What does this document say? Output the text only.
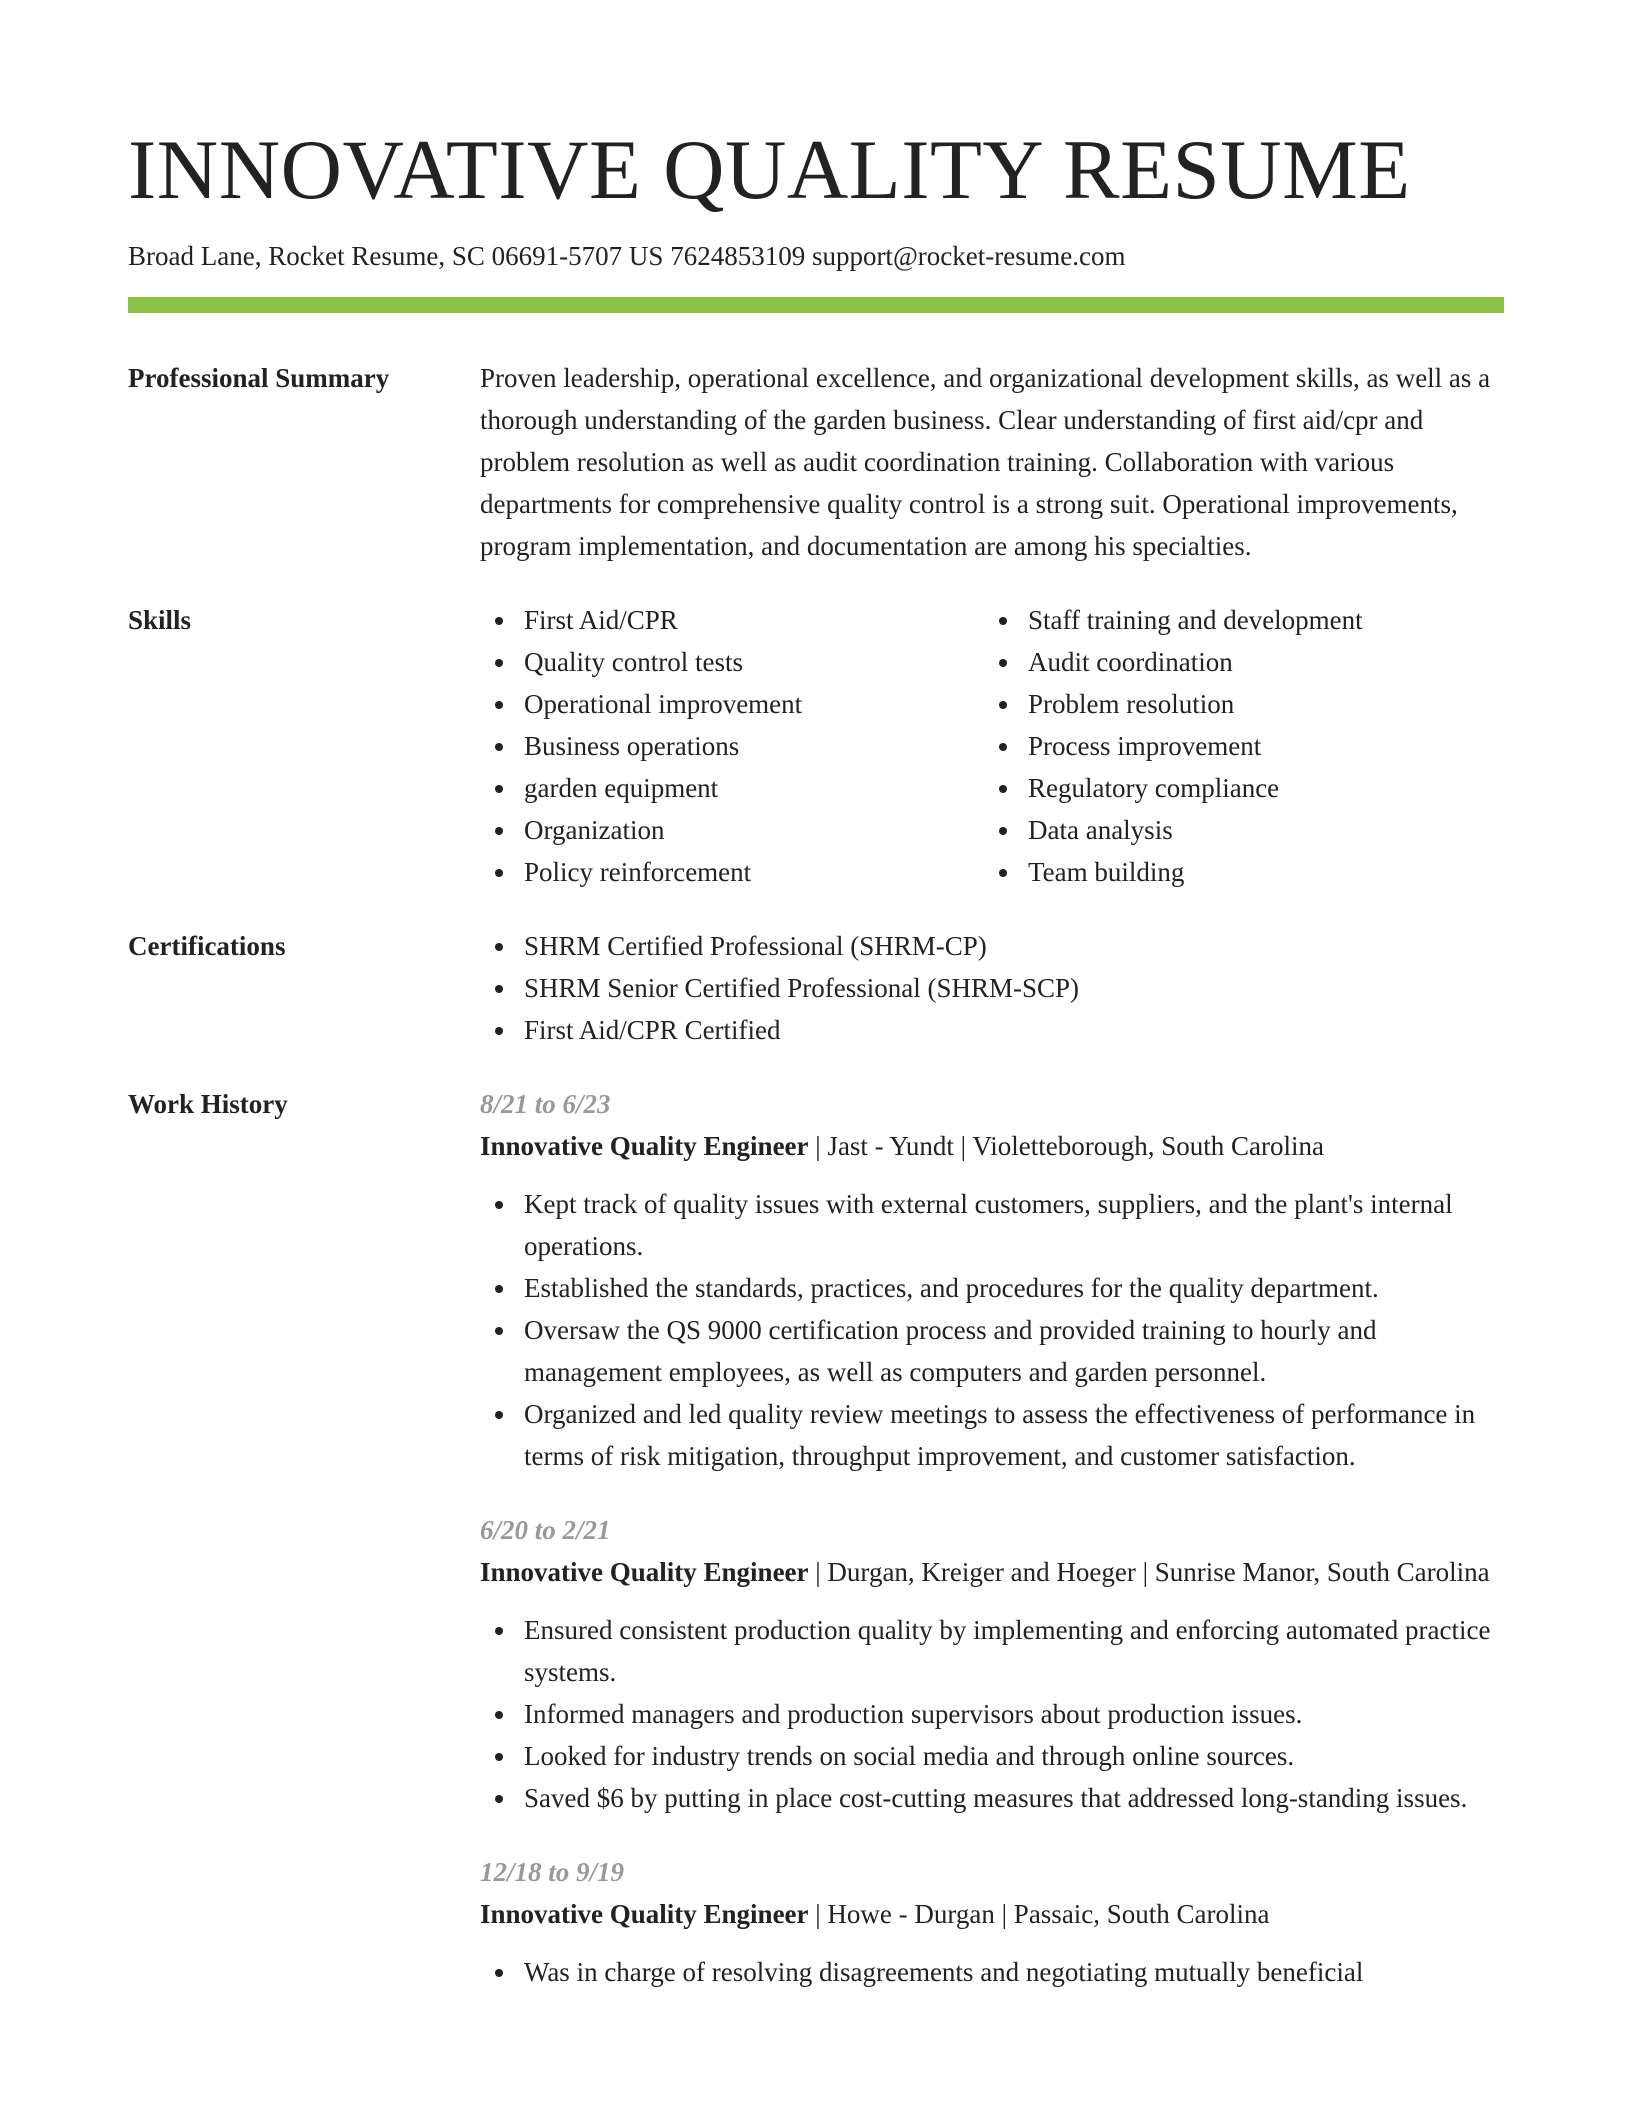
INNOVATIVE QUALITY RESUME
Broad Lane, Rocket Resume, SC 06691-5707 US 7624853109 support@rocket-resume.com
Professional Summary	Proven leadership, operational excellence, and organizational development skills, as well as a thorough understanding of the garden business. Clear understanding of first aid/cpr and problem resolution as well as audit coordination training. Collaboration with various departments for comprehensive quality control is a strong suit. Operational improvements, program implementation, and documentation are among his specialties.
Skills	First Aid/CPR
Quality control tests
Operational improvement
Business operations
garden equipment
Organization
Policy reinforcement
Staff training and development
Audit coordination
Problem resolution
Process improvement
Regulatory compliance
Data analysis
Team building
Certifications	SHRM Certified Professional (SHRM-CP)
SHRM Senior Certified Professional (SHRM-SCP)
First Aid/CPR Certified
Work History	8/21 to 6/23
Innovative Quality Engineer | Jast - Yundt | Violetteborough, South Carolina
Kept track of quality issues with external customers, suppliers, and the plant's internal operations.
Established the standards, practices, and procedures for the quality department.
Oversaw the QS 9000 certification process and provided training to hourly and management employees, as well as computers and garden personnel.
Organized and led quality review meetings to assess the effectiveness of performance in terms of risk mitigation, throughput improvement, and customer satisfaction.
6/20 to 2/21
Innovative Quality Engineer | Durgan, Kreiger and Hoeger | Sunrise Manor, South Carolina
Ensured consistent production quality by implementing and enforcing automated practice systems.
Informed managers and production supervisors about production issues.
Looked for industry trends on social media and through online sources.
Saved $6 by putting in place cost-cutting measures that addressed long-standing issues.
12/18 to 9/19
Innovative Quality Engineer | Howe - Durgan | Passaic, South Carolina
Was in charge of resolving disagreements and negotiating mutually beneficial
